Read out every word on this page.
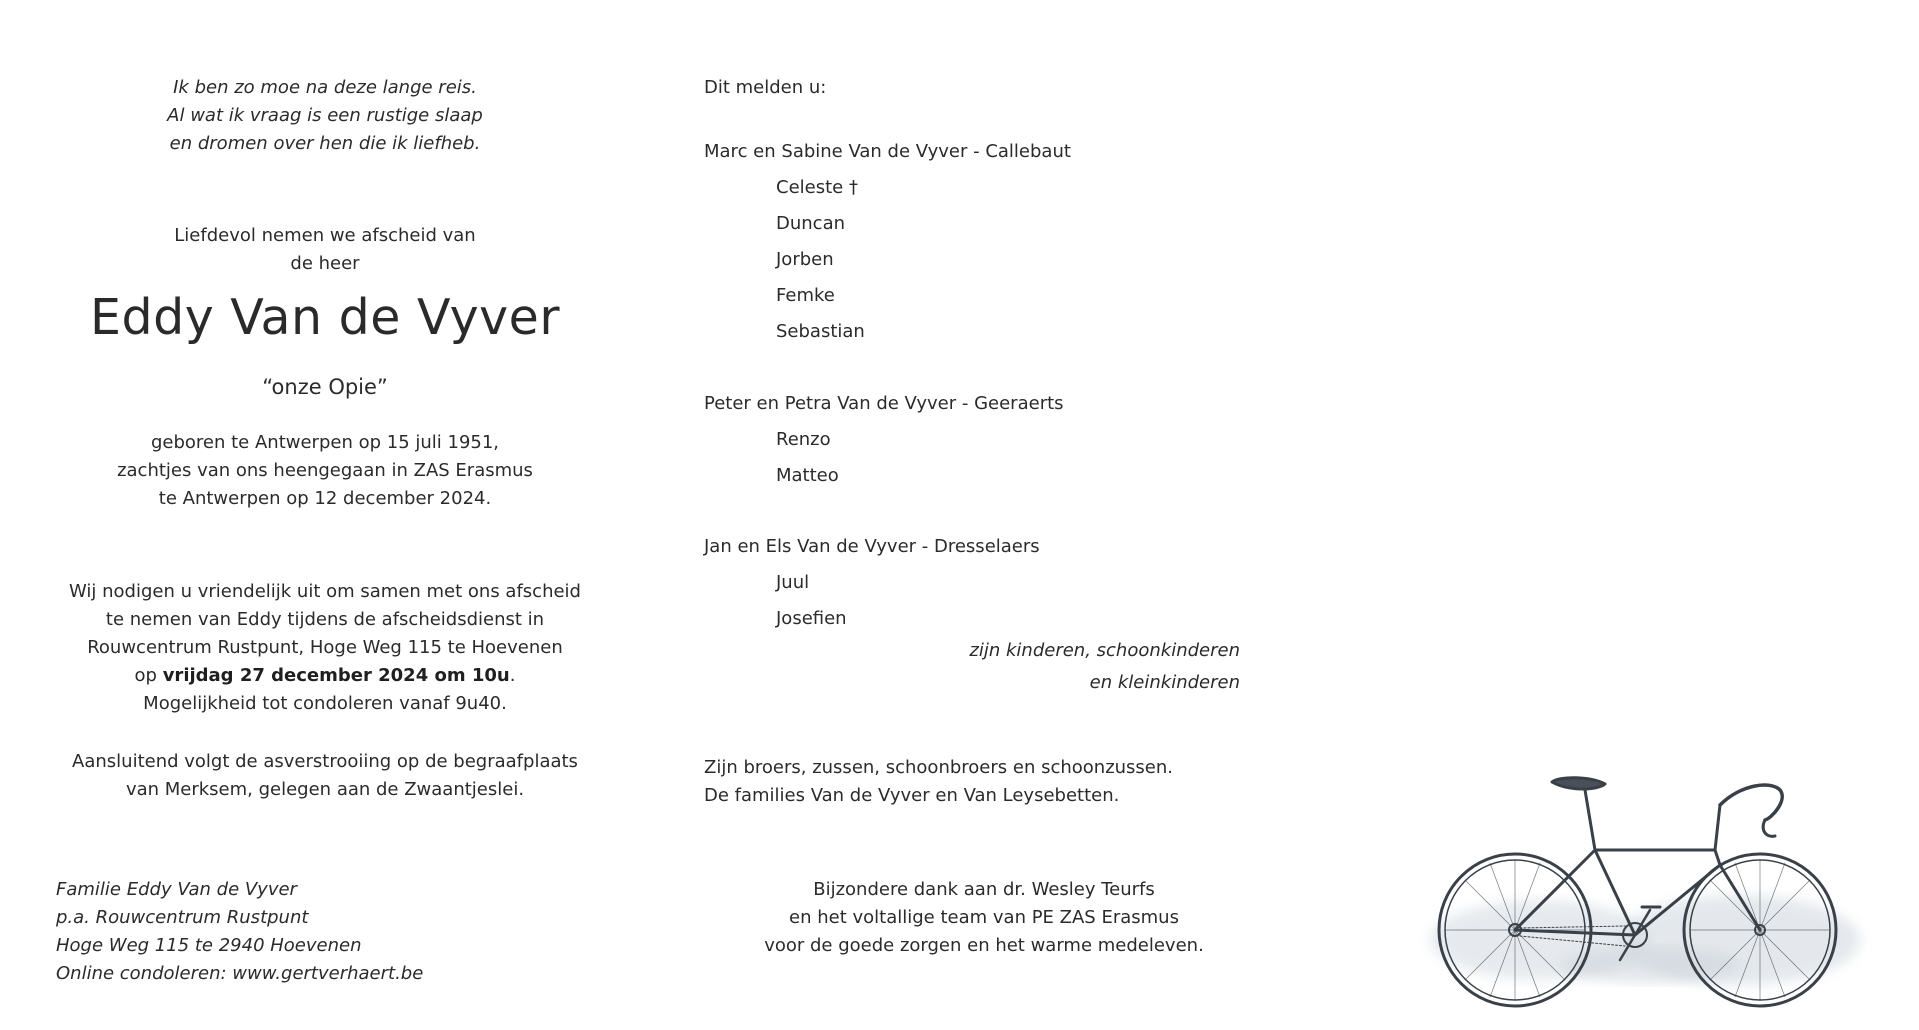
Ik ben zo moe na deze lange reis.

Al wat ik vraag is een rustige slaap

en dromen over hen die ik liefheb.

Liefdevol nemen we afscheid van

de heer

Eddy Van de Vyver
“onze Opie”

geboren te Antwerpen op 15 juli 1951,

zachtjes van ons heengegaan in ZAS Erasmus

te Antwerpen op 12 december 2024.

Wij nodigen u vriendelijk uit om samen met ons afscheid

te nemen van Eddy tijdens de afscheidsdienst in

Rouwcentrum Rustpunt, Hoge Weg 115 te Hoevenen

op vrijdag 27 december 2024 om 10u.

Mogelijkheid tot condoleren vanaf 9u40.

Aansluitend volgt de asverstrooiing op de begraafplaats

van Merksem, gelegen aan de Zwaantjeslei.

Familie Eddy Van de Vyver

p.a. Rouwcentrum Rustpunt

Hoge Weg 115 te 2940 Hoevenen

Online condoleren: www.gertverhaert.be

Dit melden u:
Marc en Sabine Van de Vyver - Callebaut
Celeste †
Duncan
Jorben
Femke
Sebastian
Peter en Petra Van de Vyver - Geeraerts
Renzo
Matteo
Jan en Els Van de Vyver - Dresselaers
Juul
Josefien
Zijn broers, zussen, schoonbroers en schoonzussen.
De families Van de Vyver en Van Leysebetten.
zijn kinderen, schoonkinderen
en kleinkinderen

Bijzondere dank aan dr. Wesley Teurfs

en het voltallige team van PE ZAS Erasmus

voor de goede zorgen en het warme medeleven.
